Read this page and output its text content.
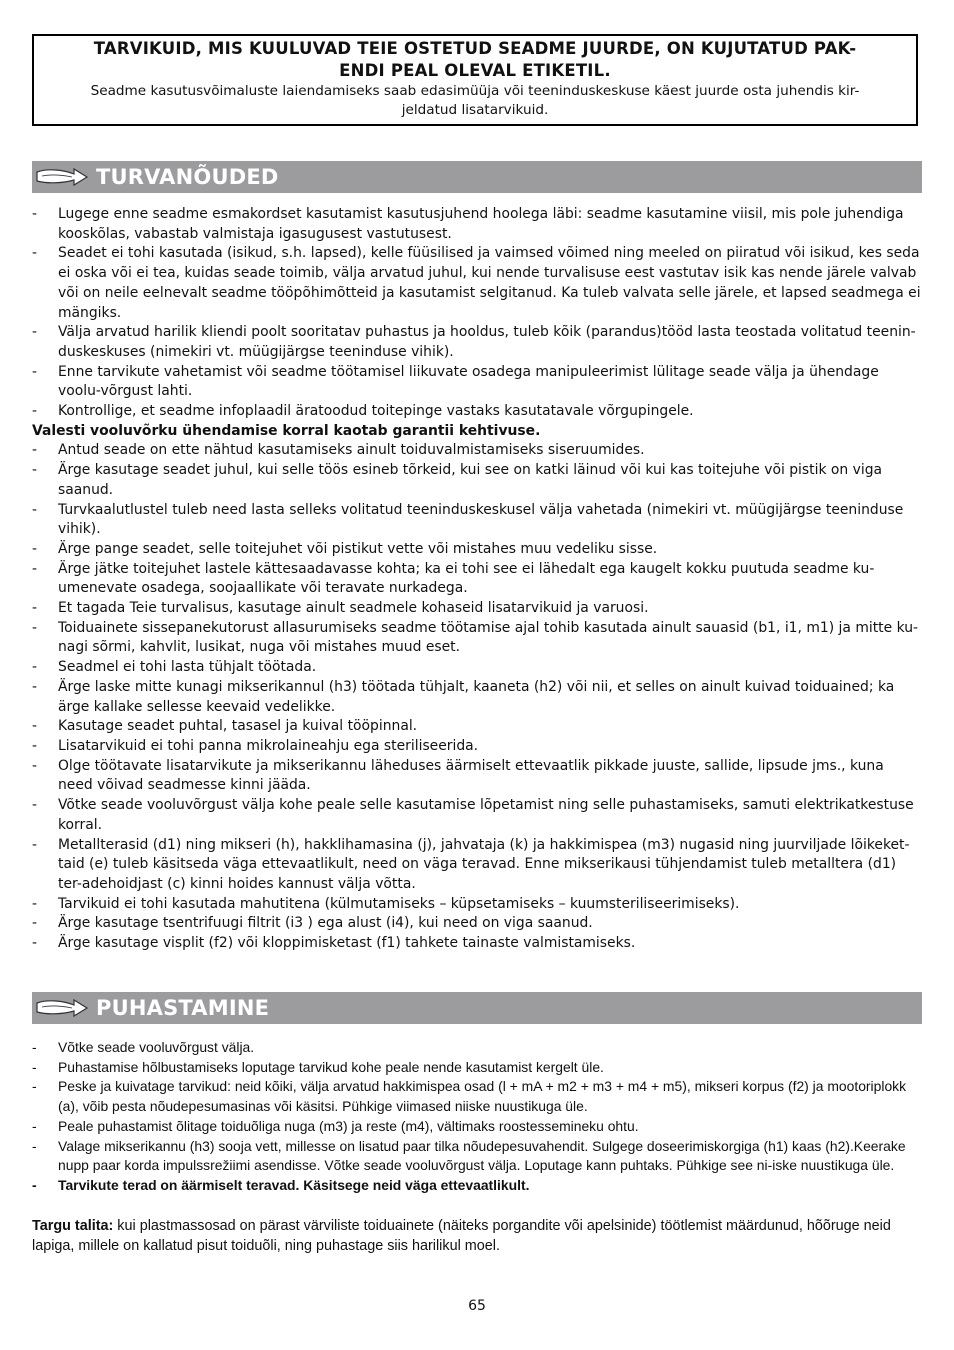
TARVIKUID, MIS KUULUVAD TEIE OSTETUD SEADME JUURDE, ON KUJUTATUD PAK-
ENDI PEAL OLEVAL ETIKETIL.
Seadme kasutusvõimaluste laiendamiseks saab edasimüüja või teeninduskeskuse käest juurde osta juhendis kir-
jeldatud lisatarvikuid.
TURVANÕUDED
- Lugege enne seadme esmakordset kasutamist kasutusjuhend hoolega läbi: seadme kasutamine viisil, mis pole juhendiga kooskõlas, vabastab valmistaja igasugusest vastutusest.
- Seadet ei tohi kasutada (isikud, s.h. lapsed), kelle füüsilised ja vaimsed võimed ning meeled on piiratud või isikud, kes seda ei oska või ei tea, kuidas seade toimib, välja arvatud juhul, kui nende turvalisuse eest vastutav isik kas nende järele valvab või on neile eelnevalt seadme tööpõhimõtteid ja kasutamist selgitanud. Ka tuleb valvata selle järele, et lapsed seadmega ei mängiks.
- Välja arvatud harilik kliendi poolt sooritatav puhastus ja hooldus, tuleb kõik (parandus)tööd lasta teostada volitatud teenin-duskeskuses (nimekiri vt. müügijärgse teeninduse vihik).
- Enne tarvikute vahetamist või seadme töötamisel liikuvate osadega manipuleerimist lülitage seade välja ja ühendage voolu-võrgust lahti.
- Kontrollige, et seadme infoplaadil äratoodud toitepinge vastaks kasutatavale võrgupingele.
Valesti vooluvõrku ühendamise korral kaotab garantii kehtivuse.
- Antud seade on ette nähtud kasutamiseks ainult toiduvalmistamiseks siseruumides.
- Ärge kasutage seadet juhul, kui selle töös esineb tõrkeid, kui see on katki läinud või kui kas toitejuhe või pistik on viga saanud.
- Turvkaalutlustel tuleb need lasta selleks volitatud teeninduskeskusel välja vahetada (nimekiri vt. müügijärgse teeninduse vihik).
- Ärge pange seadet, selle toitejuhet või pistikut vette või mistahes muu vedeliku sisse.
- Ärge jätke toitejuhet lastele kättesaadavasse kohta; ka ei tohi see ei lähedalt ega kaugelt kokku puutuda seadme ku-umenevate osadega, soojaallikate või teravate nurkadega.
- Et tagada Teie turvalisus, kasutage ainult seadmele kohaseid lisatarvikuid ja varuosi.
- Toiduainete sissepanekutorust allasurumiseks seadme töötamise ajal tohib kasutada ainult sauasid (b1, i1, m1) ja mitte ku-nagi sõrmi, kahvlit, lusikat, nuga või mistahes muud eset.
- Seadmel ei tohi lasta tühjalt töötada.
- Ärge laske mitte kunagi mikserikannul (h3) töötada tühjalt, kaaneta (h2) või nii, et selles on ainult kuivad toiduained; ka ärge kallake sellesse keevaid vedelikke.
- Kasutage seadet puhtal, tasasel ja kuival tööpinnal.
- Lisatarvikuid ei tohi panna mikrolaineahju ega steriliseerida.
- Olge töötavate lisatarvikute ja mikserikannu läheduses äärmiselt ettevaatlik pikkade juuste, sallide, lipsude jms., kuna need võivad seadmesse kinni jääda.
- Võtke seade vooluvõrgust välja kohe peale selle kasutamise lõpetamist ning selle puhastamiseks, samuti elektrikatkestuse korral.
- Metallterasid (d1) ning mikseri (h), hakklihamasina (j), jahvataja (k) ja hakkimispea (m3) nugasid ning juurviljade lõikeket-taid (e) tuleb käsitseda väga ettevaatlikult, need on väga teravad. Enne mikserikausi tühjendamist tuleb metalltera (d1) ter-adehoidjast (c) kinni hoides kannust välja võtta.
- Tarvikuid ei tohi kasutada mahutitena (külmutamiseks – küpsetamiseks – kuumsteriliseerimiseks).
- Ärge kasutage tsentrifuugi filtrit (i3 ) ega alust (i4), kui need on viga saanud.
- Ärge kasutage visplit (f2) või kloppimisketast (f1) tahkete tainaste valmistamiseks.
PUHASTAMINE
- Võtke seade vooluvõrgust välja.
- Puhastamise hõlbustamiseks loputage tarvikud kohe peale nende kasutamist kergelt üle.
- Peske ja kuivatage tarvikud: neid kõiki, välja arvatud hakkimispea osad (l + mA + m2 + m3 + m4 + m5), mikseri korpus (f2) ja mootoriplokk (a), võib pesta nõudepesumasinas või käsitsi. Pühkige viimased niiske nuustikuga üle.
- Peale puhastamist õlitage toiduõliga nuga (m3) ja reste (m4), vältimaks roostessemineku ohtu.
- Valage mikserikannu (h3) sooja vett, millesse on lisatud paar tilka nõudepesuvahendit. Sulgege doseerimiskorgiga (h1) kaas (h2).Keerake nupp paar korda impulssrežiimi asendisse. Võtke seade vooluvõrgust välja. Loputage kann puhtaks. Pühkige see ni-iske nuustikuga üle.
- Tarvikute terad on äärmiselt teravad. Käsitsege neid väga ettevaatlikult.
Targu talita: kui plastmassosad on pärast värviliste toiduainete (näiteks porgandite või apelsinide) töötlemist määrdunud, hõõruge neid lapiga, millele on kallatud pisut toiduõli, ning puhastage siis harilikul moel.
65
